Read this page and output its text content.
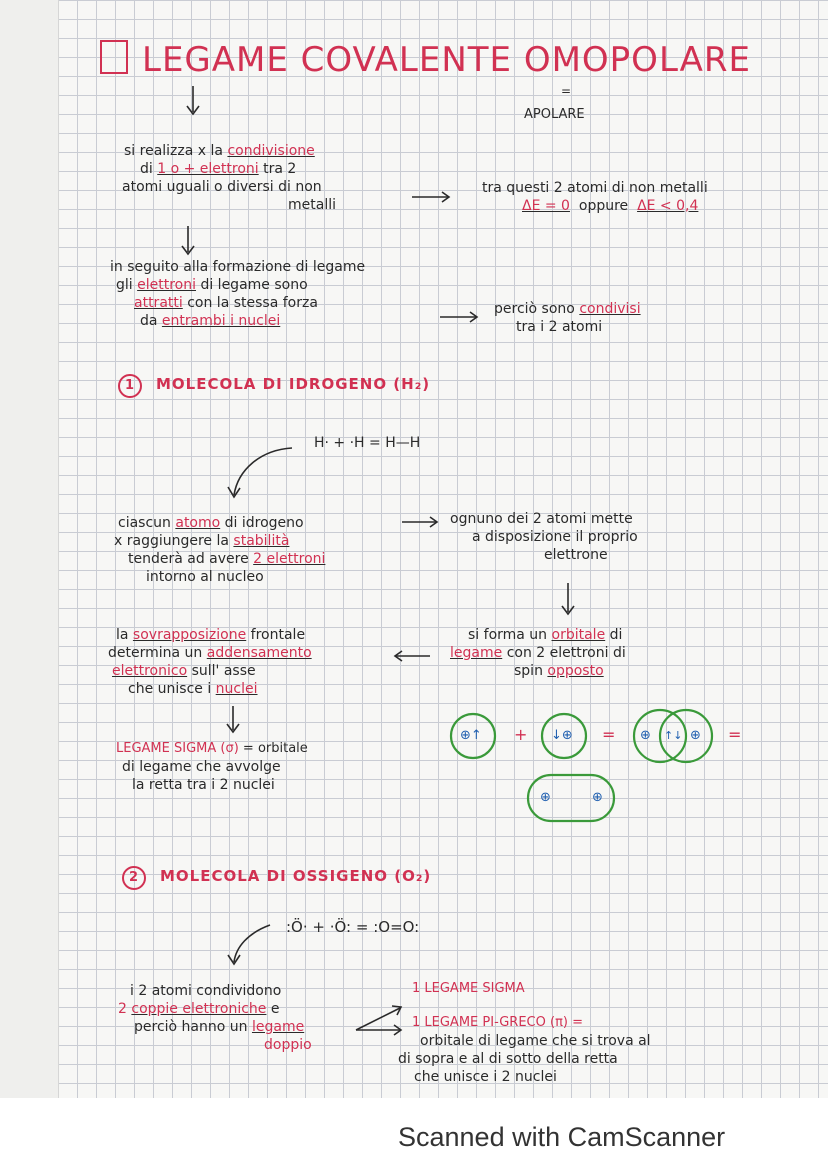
LEGAME COVALENTE OMOPOLARE
=
APOLARE
si realizza x la condivisione
di 1 o + elettroni tra 2
atomi uguali o diversi di non
metalli
tra questi 2 atomi di non metalli
ΔE = 0 oppure ΔE < 0,4
in seguito alla formazione di legame
gli elettroni di legame sono
attratti con la stessa forza
da entrambi i nuclei
perciò sono condivisi
tra i 2 atomi
1 MOLECOLA DI IDROGENO (H₂)
H· + ·H = H—H
ciascun atomo di idrogeno
x raggiungere la stabilità
tenderà ad avere 2 elettroni
intorno al nucleo
ognuno dei 2 atomi mette
a disposizione il proprio
elettrone
la sovrapposizione frontale
determina un addensamento
elettronico sull' asse
che unisce i nuclei
si forma un orbitale di
legame con 2 elettroni di
spin opposto
LEGAME SIGMA (σ) = orbitale
di legame che avvolge
la retta tra i 2 nuclei
⊕↑ + ↓⊕ = ⊕ ↑↓ ⊕ =
⊕	⊕
2 MOLECOLA DI OSSIGENO (O₂)
:Ö· + ·Ö: = :O=O:
i 2 atomi condividono
2 coppie elettroniche e
perciò hanno un legame
doppio
1 LEGAME SIGMA
1 LEGAME PI-GRECO (π) =
orbitale di legame che si trova al
di sopra e al di sotto della retta
che unisce i 2 nuclei
Scanned with CamScanner
